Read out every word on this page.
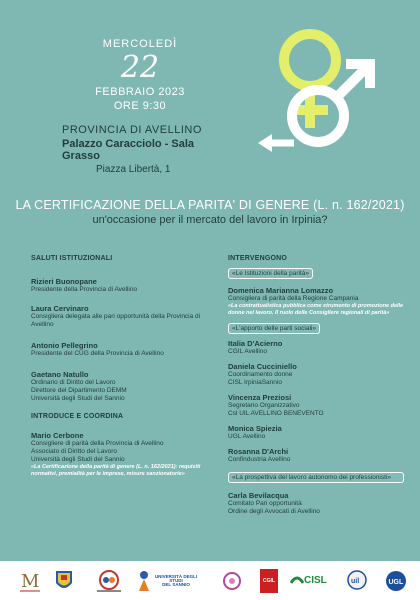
MERCOLEDÌ
22
FEBBRAIO 2023
ORE 9:30
PROVINCIA DI AVELLINO
Palazzo Caracciolo - Sala Grasso
Piazza Libertà, 1
LA CERTIFICAZIONE DELLA PARITA' DI GENERE (L. n. 162/2021)
un'occasione per il mercato del lavoro in Irpinia?
SALUTI ISTITUZIONALI
Rizieri Buonopane
Presidente della Provincia di Avellino
Laura Cervinaro
Consigliera delegata alle pari opportunità della Provincia di Avellino
Antonio Pellegrino
Presidente del CUG della Provincia di Avellino
Gaetano Natullo
Ordinario di Diritto del Lavoro
Direttore del Dipartimento DEMM
Università degli Studi del Sannio
INTRODUCE E COORDINA
Mario Cerbone
Consigliere di parità della Provincia di Avellino
Associato di Diritto del Lavoro
Università degli Studi del Sannio
«La Certificazione della parità di genere (L. n. 162/2021): requisiti normativi, premialità per le imprese, misure sanzionatorie»
INTERVENGONO
«Le Istituzioni della parità»
Domenica Marianna Lomazzo
Consigliera di parità della Regione Campania
«La contrattualistica pubblica come strumento di promozione delle donne nel lavoro. Il ruolo delle Consigliere regionali di parità»
«L'apporto delle parti sociali»
Italia D'Acierno
CGIL Avellino
Daniela Cucciniello
Coordinamento donne
CISL IrpiniaSannio
Vincenza Preziosi
Segretario Organizzativo
Csl UIL AVELLINO BENEVENTO
Monica Spiezia
UGL Avellino
Rosanna D'Archi
Confindustria Avellino
«La prospettiva del lavoro autonomo dei professionisti»
Carla Bevilacqua
Comitato Pari opportunità
Ordine degli Avvocati di Avellino
M	UNIVERSITÀ DEGLI STUDI
DEL SANNIO
CGIL	CISL	uil	UGL
